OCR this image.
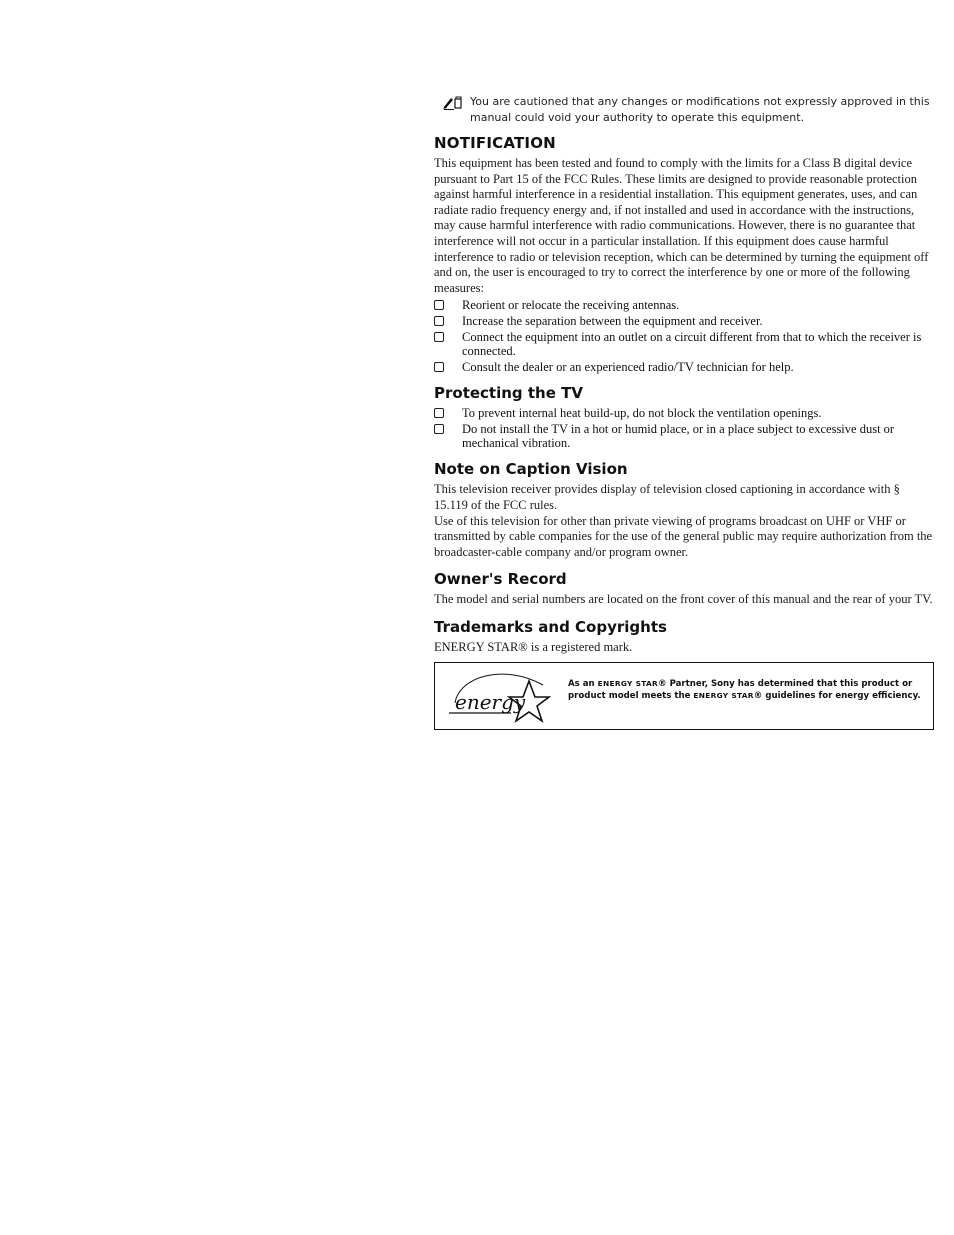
You are cautioned that any changes or modifications not expressly approved in this manual could void your authority to operate this equipment.
NOTIFICATION

This equipment has been tested and found to comply with the limits for a Class B digital device pursuant to Part 15 of the FCC Rules. These limits are designed to provide reasonable protection against harmful interference in a residential installation. This equipment generates, uses, and can radiate radio frequency energy and, if not installed and used in accordance with the instructions, may cause harmful interference with radio communications. However, there is no guarantee that interference will not occur in a particular installation. If this equipment does cause harmful interference to radio or television reception, which can be determined by turning the equipment off and on, the user is encouraged to try to correct the interference by one or more of the following measures:

Reorient or relocate the receiving antennas.
Increase the separation between the equipment and receiver.
Connect the equipment into an outlet on a circuit different from that to which the receiver is connected.
Consult the dealer or an experienced radio/TV technician for help.
Protecting the TV
To prevent internal heat build-up, do not block the ventilation openings.
Do not install the TV in a hot or humid place, or in a place subject to excessive dust or mechanical vibration.
Note on Caption Vision

This television receiver provides display of television closed captioning in accordance with § 15.119 of the FCC rules.

Use of this television for other than private viewing of programs broadcast on UHF or VHF or transmitted by cable companies for the use of the general public may require authorization from the broadcaster-cable company and/or program owner.

Owner's Record

The model and serial numbers are located on the front cover of this manual and the rear of your TV.

Trademarks and Copyrights

ENERGY STAR® is a registered mark.

energy
As an ENERGY STAR® Partner, Sony has determined that this product or product model meets the ENERGY STAR® guidelines for energy efficiency.
